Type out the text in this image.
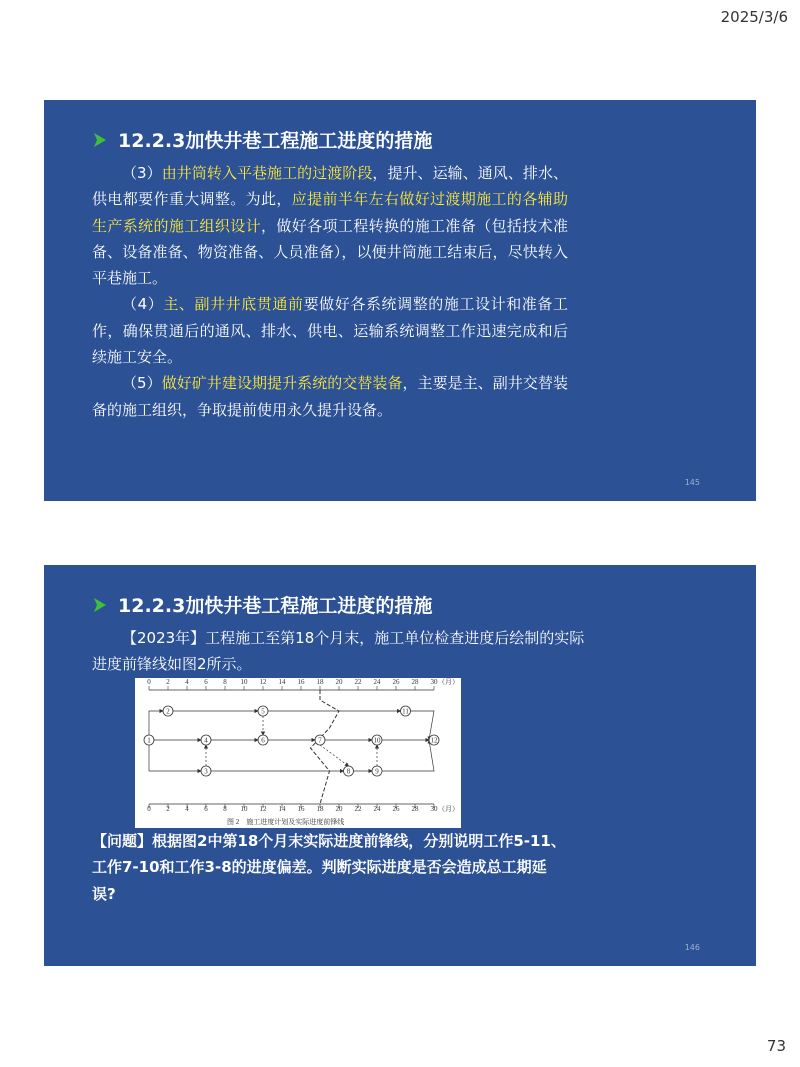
2025/3/6
12.2.3加快井巷工程施工进度的措施

（3）由井筒转入平巷施工的过渡阶段，提升、运输、通风、排水、供电都要作重大调整。为此，应提前半年左右做好过渡期施工的各辅助生产系统的施工组织设计，做好各项工程转换的施工准备（包括技术准备、设备准备、物资准备、人员准备），以便井筒施工结束后，尽快转入平巷施工。

（4）主、副井井底贯通前要做好各系统调整的施工设计和准备工作，确保贯通后的通风、排水、供电、运输系统调整工作迅速完成和后续施工安全。

（5）做好矿井建设期提升系统的交替装备，主要是主、副井交替装备的施工组织，争取提前使用永久提升设备。

145
12.2.3加快井巷工程施工进度的措施
【2023年】工程施工至第18个月末，施工单位检查进度后绘制的实际进度前锋线如图2所示。
0 2 4 6 8 10 12 14 16 18 20 22 24 26 28 30 （月）
0 2 4 6 8 10 12 14 16 18 20 22 24 26 28 30 （月）
1
2
3
4
5
6	7
8	9
10
11
12
图 2　施工进度计划及实际进度前锋线
【问题】根据图2中第18个月末实际进度前锋线，分别说明工作5-11、工作7-10和工作3-8的进度偏差。判断实际进度是否会造成总工期延误?
146
73
